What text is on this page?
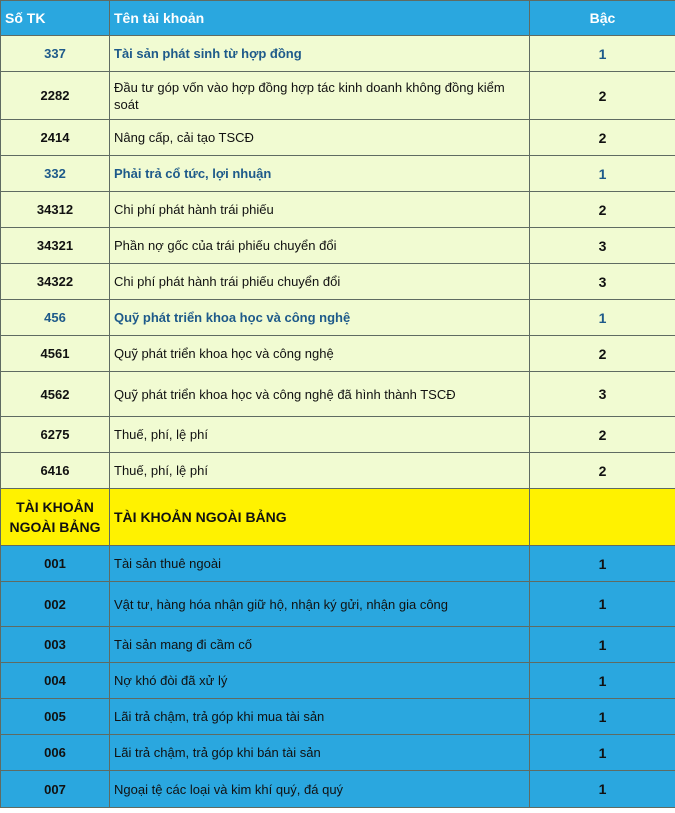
Số TK	Tên tài khoản	Bậc
337	Tài sản phát sinh từ hợp đồng	1
2282	Đầu tư góp vốn vào hợp đồng hợp tác kinh doanh không đồng kiểm soát	2
2414	Nâng cấp, cải tạo TSCĐ	2
332	Phải trả cổ tức, lợi nhuận	1
34312	Chi phí phát hành trái phiếu	2
34321	Phần nợ gốc của trái phiếu chuyển đổi	3
34322	Chi phí phát hành trái phiếu chuyển đổi	3
456	Quỹ phát triển khoa học và công nghệ	1
4561	Quỹ phát triển khoa học và công nghệ	2
4562	Quỹ phát triển khoa học và công nghệ đã hình thành TSCĐ	3
6275	Thuế, phí, lệ phí	2
6416	Thuế, phí, lệ phí	2
TÀI KHOẢN NGOÀI BẢNG	TÀI KHOẢN NGOÀI BẢNG	
001	Tài sản thuê ngoài	1
002	Vật tư, hàng hóa nhận giữ hộ, nhận ký gửi, nhận gia công	1
003	Tài sản mang đi cầm cố	1
004	Nợ khó đòi đã xử lý	1
005	Lãi trả chậm, trả góp khi mua tài sản	1
006	Lãi trả chậm, trả góp khi bán tài sản	1
007	Ngoại tệ các loại và kim khí quý, đá quý	1
